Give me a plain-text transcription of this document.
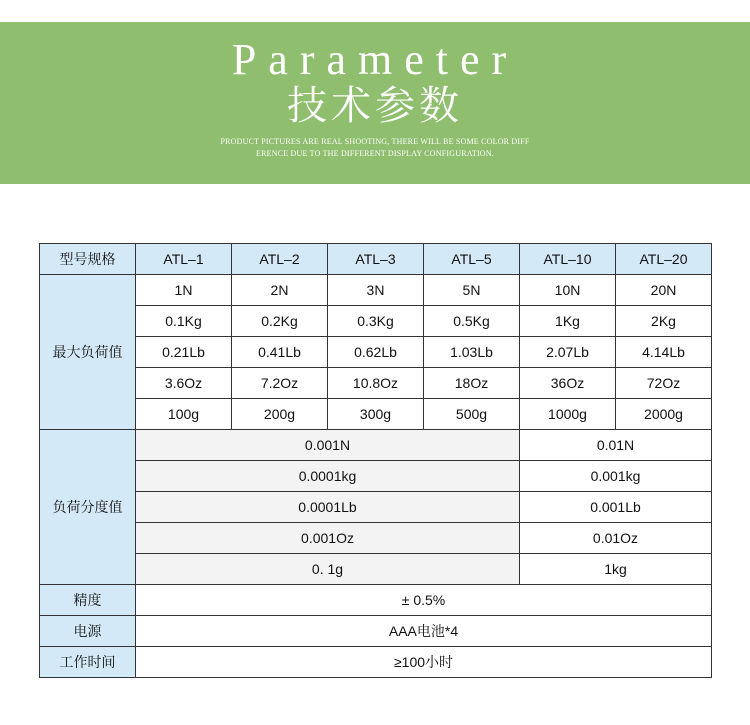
Parameter
技术参数
PRODUCT PICTURES ARE REAL SHOOTING, THERE WILL BE SOME COLOR DIFF
ERENCE DUE TO THE DIFFERENT DISPLAY CONFIGURATION.
型号规格	ATL–1	ATL–2	ATL–3	ATL–5	ATL–10	ATL–20
最大负荷值	1N	2N	3N	5N	10N	20N
	0.1Kg	0.2Kg	0.3Kg	0.5Kg	1Kg	2Kg
	0.21Lb	0.41Lb	0.62Lb	1.03Lb	2.07Lb	4.14Lb
	3.6Oz	7.2Oz	10.8Oz	18Oz	36Oz	72Oz
	100g	200g	300g	500g	1000g	2000g
负荷分度值	0.001N				0.01N	
	0.0001kg				0.001kg	
	0.0001Lb				0.001Lb	
	0.001Oz				0.01Oz	
	0. 1g				1kg	
精度	± 0.5%					
电源	AAA电池*4					
工作时间	≥100小时					
